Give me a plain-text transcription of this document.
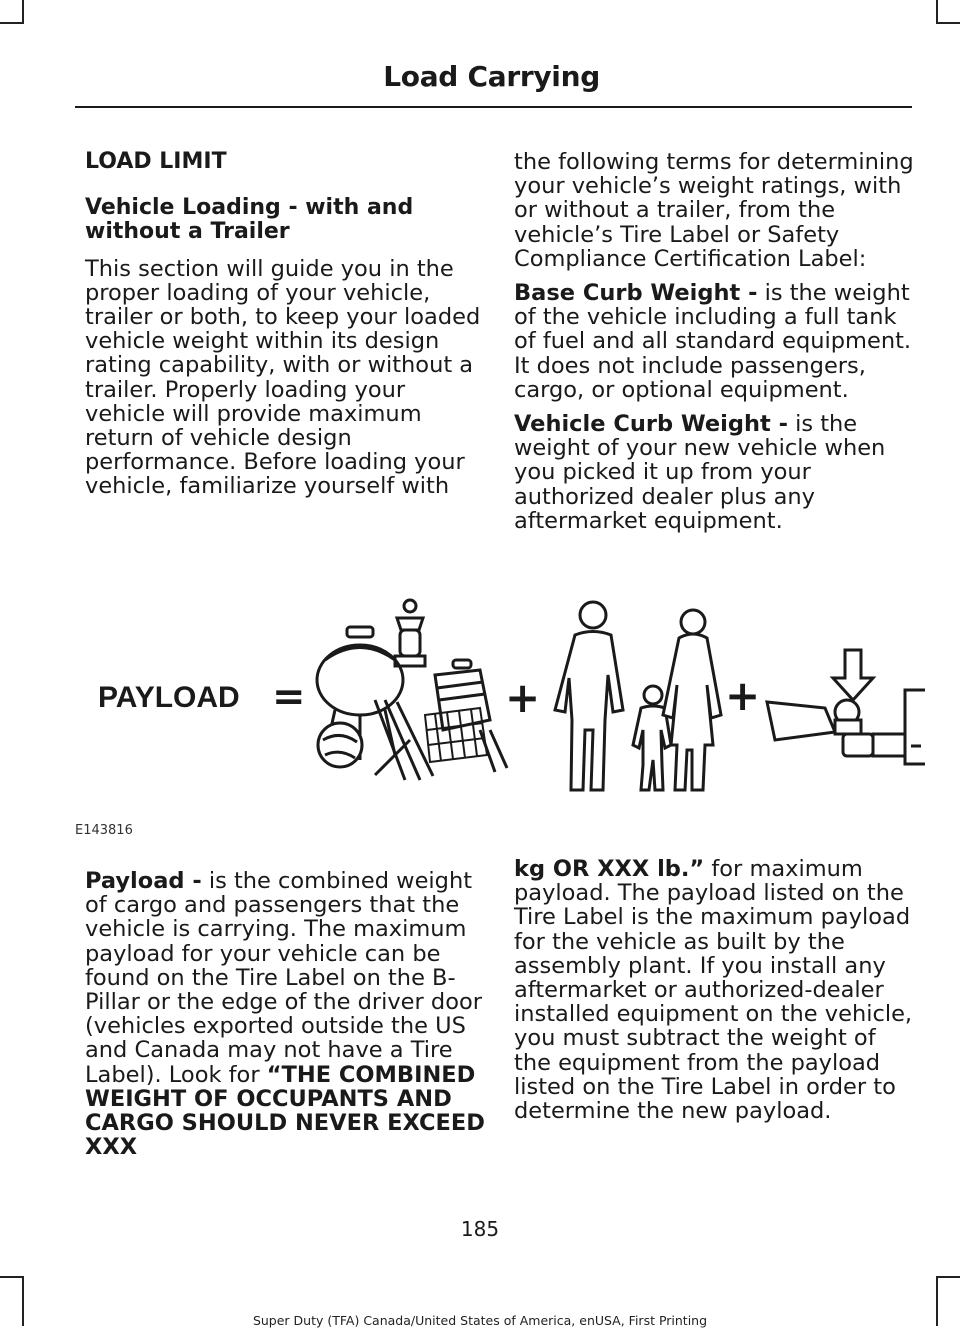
Load Carrying
LOAD LIMIT
Vehicle Loading - with and without a Trailer

This section will guide you in the proper loading of your vehicle, trailer or both, to keep your loaded vehicle weight within its design rating capability, with or without a trailer. Properly loading your vehicle will provide maximum return of vehicle design performance. Before loading your vehicle, familiarize yourself with

the following terms for determining your vehicle’s weight ratings, with or without a trailer, from the vehicle’s Tire Label or Safety Compliance Certification Label:

Base Curb Weight - is the weight of the vehicle including a full tank of fuel and all standard equipment. It does not include passengers, cargo, or optional equipment.

Vehicle Curb Weight - is the weight of your new vehicle when you picked it up from your authorized dealer plus any aftermarket equipment.

PAYLOAD =	+	+
E143816

Payload - is the combined weight of cargo and passengers that the vehicle is carrying. The maximum payload for your vehicle can be found on the Tire Label on the B-Pillar or the edge of the driver door (vehicles exported outside the US and Canada may not have a Tire Label). Look for “THE COMBINED WEIGHT OF OCCUPANTS AND CARGO SHOULD NEVER EXCEED XXX

kg OR XXX lb.” for maximum payload. The payload listed on the Tire Label is the maximum payload for the vehicle as built by the assembly plant. If you install any aftermarket or authorized-dealer installed equipment on the vehicle, you must subtract the weight of the equipment from the payload listed on the Tire Label in order to determine the new payload.

185
Super Duty (TFA) Canada/United States of America, enUSA, First Printing
